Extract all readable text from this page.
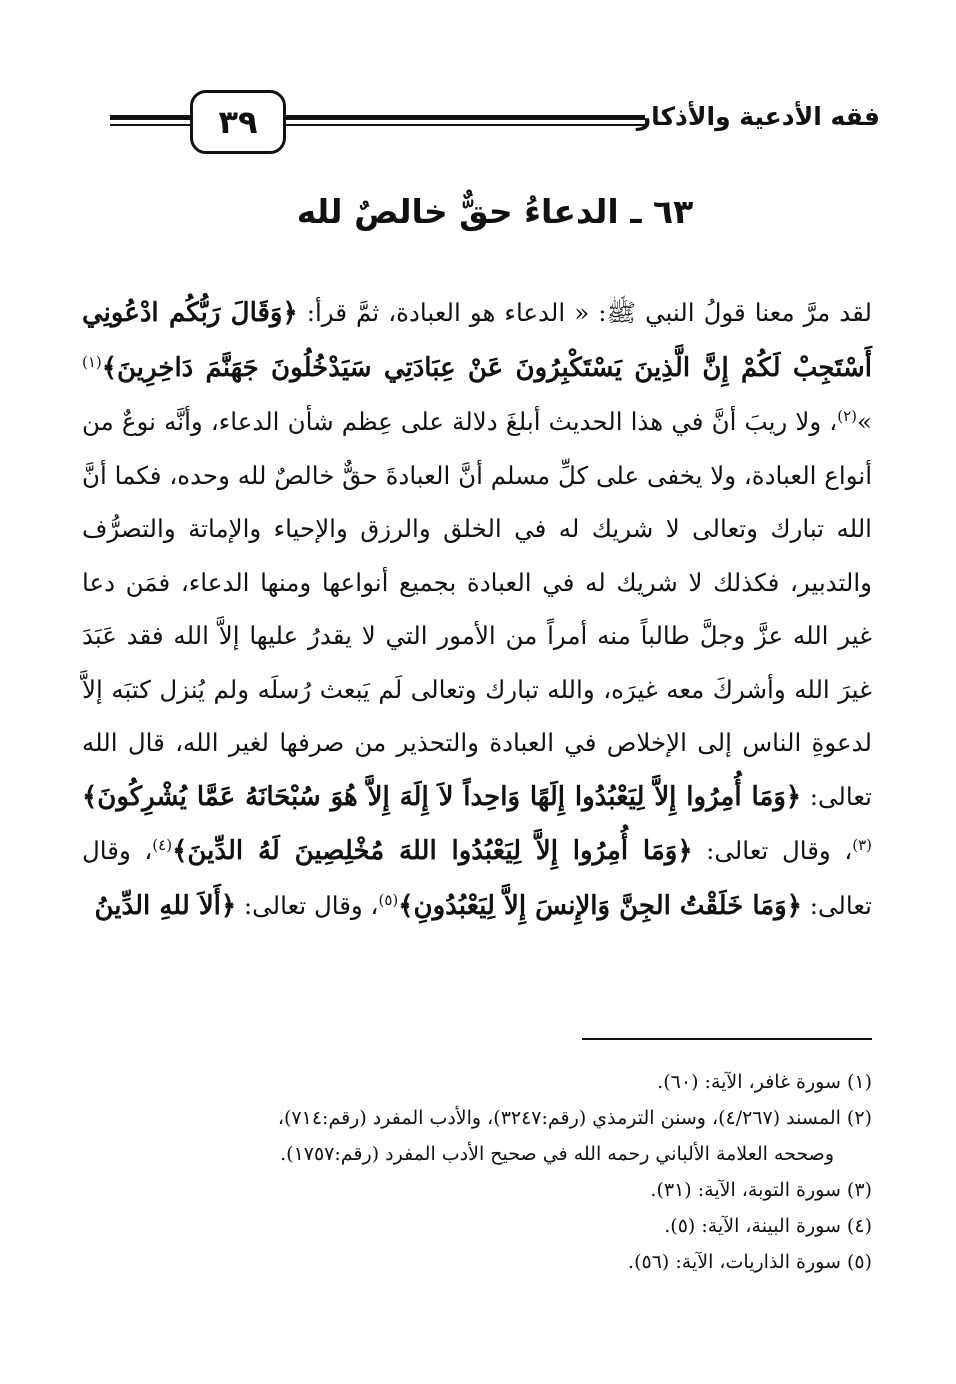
فقه الأدعية والأذكار
٣٩
٦٣ ـ الدعاءُ حقٌّ خالصٌ لله
لقد مرَّ معنا قولُ النبي ﷺ: « الدعاء هو العبادة، ثمَّ قرأ: ﴿وَقَالَ رَبُّكُم ادْعُونِي أَسْتَجِبْ لَكُمْ إِنَّ الَّذِينَ يَسْتَكْبِرُونَ عَنْ عِبَادَتِي سَيَدْخُلُونَ جَهَنَّمَ دَاخِرِينَ﴾$^{(١)}$ »$^{(٢)}$، ولا ريبَ أنَّ في هذا الحديث أبلغَ دلالة على عِظم شأن الدعاء، وأنَّه نوعٌ من أنواع العبادة، ولا يخفى على كلِّ مسلم أنَّ العبادةَ حقٌّ خالصٌ لله وحده، فكما أنَّ الله تبارك وتعالى لا شريك له في الخلق والرزق والإحياء والإماتة والتصرُّف والتدبير، فكذلك لا شريك له في العبادة بجميع أنواعها ومنها الدعاء، فمَن دعا غير الله عزَّ وجلَّ طالباً منه أمراً من الأمور التي لا يقدرُ عليها إلاَّ الله فقد عَبَدَ غيرَ الله وأشركَ معه غيرَه، والله تبارك وتعالى لَم يَبعث رُسلَه ولم يُنزل كتبَه إلاَّ لدعوةِ الناس إلى الإخلاص في العبادة والتحذير من صرفها لغير الله، قال الله تعالى: ﴿وَمَا أُمِرُوا إِلاَّ لِيَعْبُدُوا إِلَهًا وَاحِداً لاَ إِلَهَ إِلاَّ هُوَ سُبْحَانَهُ عَمَّا يُشْرِكُونَ﴾$^{(٣)}$، وقال تعالى: ﴿وَمَا أُمِرُوا إِلاَّ لِيَعْبُدُوا اللهَ مُخْلِصِينَ لَهُ الدِّينَ﴾$^{(٤)}$، وقال تعالى: ﴿وَمَا خَلَقْتُ الجِنَّ وَالإِنسَ إِلاَّ لِيَعْبُدُونِ﴾$^{(٥)}$، وقال تعالى: ﴿أَلاَ للهِ الدِّينُ
(١) سورة غافر، الآية: (٦٠).
(٢) المسند (٤/٢٦٧)، وسنن الترمذي (رقم:٣٢٤٧)، والأدب المفرد (رقم:٧١٤)،
وصححه العلامة الألباني رحمه الله في صحيح الأدب المفرد (رقم:١٧٥٧).
(٣) سورة التوبة، الآية: (٣١).
(٤) سورة البينة، الآية: (٥).
(٥) سورة الذاريات، الآية: (٥٦).
